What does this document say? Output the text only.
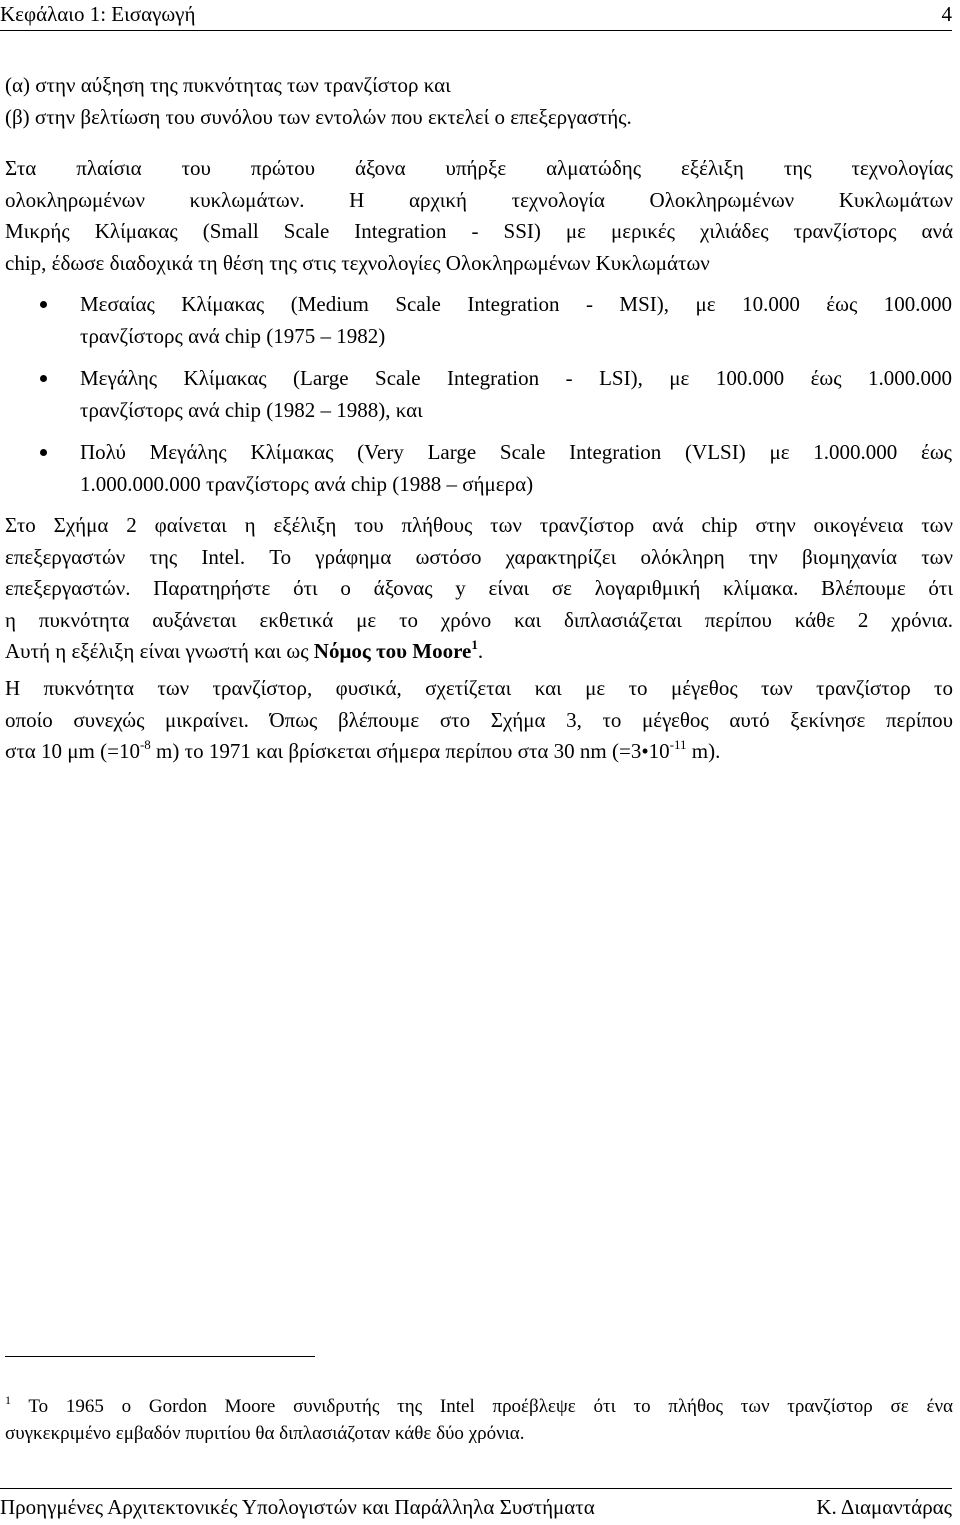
Κεφάλαιο 1: Εισαγωγή	4
(α) στην αύξηση της πυκνότητας των τρανζίστορ και
(β) στην βελτίωση του συνόλου των εντολών που εκτελεί ο επεξεργαστής.
Στα πλαίσια του πρώτου άξονα υπήρξε αλματώδης εξέλιξη της τεχνολογίας
ολοκληρωμένων κυκλωμάτων. Η αρχική τεχνολογία Ολοκληρωμένων Κυκλωμάτων
Μικρής Κλίμακας (Small Scale Integration - SSI) με μερικές χιλιάδες τρανζίστορς ανά
chip, έδωσε διαδοχικά τη θέση της στις τεχνολογίες Ολοκληρωμένων Κυκλωμάτων
Μεσαίας Κλίμακας (Medium Scale Integration - MSI), με 10.000 έως 100.000
τρανζίστορς ανά chip (1975 – 1982)
Μεγάλης Κλίμακας (Large Scale Integration - LSI), με 100.000 έως 1.000.000
τρανζίστορς ανά chip (1982 – 1988), και
Πολύ Μεγάλης Κλίμακας (Very Large Scale Integration (VLSI) με 1.000.000 έως
1.000.000.000 τρανζίστορς ανά chip (1988 – σήμερα)
Στο Σχήμα 2 φαίνεται η εξέλιξη του πλήθους των τρανζίστορ ανά chip στην οικογένεια των
επεξεργαστών της Intel. Το γράφημα ωστόσο χαρακτηρίζει ολόκληρη την βιομηχανία των
επεξεργαστών. Παρατηρήστε ότι ο άξονας y είναι σε λογαριθμική κλίμακα. Βλέπουμε ότι
η πυκνότητα αυξάνεται εκθετικά με το χρόνο και διπλασιάζεται περίπου κάθε 2 χρόνια.
Αυτή η εξέλιξη είναι γνωστή και ως Νόμος του Moore$^1$.
Η πυκνότητα των τρανζίστορ, φυσικά, σχετίζεται και με το μέγεθος των τρανζίστορ το
οποίο συνεχώς μικραίνει. Όπως βλέπουμε στο Σχήμα 3, το μέγεθος αυτό ξεκίνησε περίπου
στα 10 μm ($=10^{-8}$ m) το 1971 και βρίσκεται σήμερα περίπου στα 30 nm ($=3•10^{-11}$ m).
$^1$ To 1965 ο Gordon Moore συνιδρυτής της Intel προέβλεψε ότι το πλήθος των τρανζίστορ σε ένα
συγκεκριμένο εμβαδόν πυριτίου θα διπλασιάζοταν κάθε δύο χρόνια.
Προηγμένες Αρχιτεκτονικές Υπολογιστών και Παράλληλα Συστήματα	Κ. Διαμαντάρας
